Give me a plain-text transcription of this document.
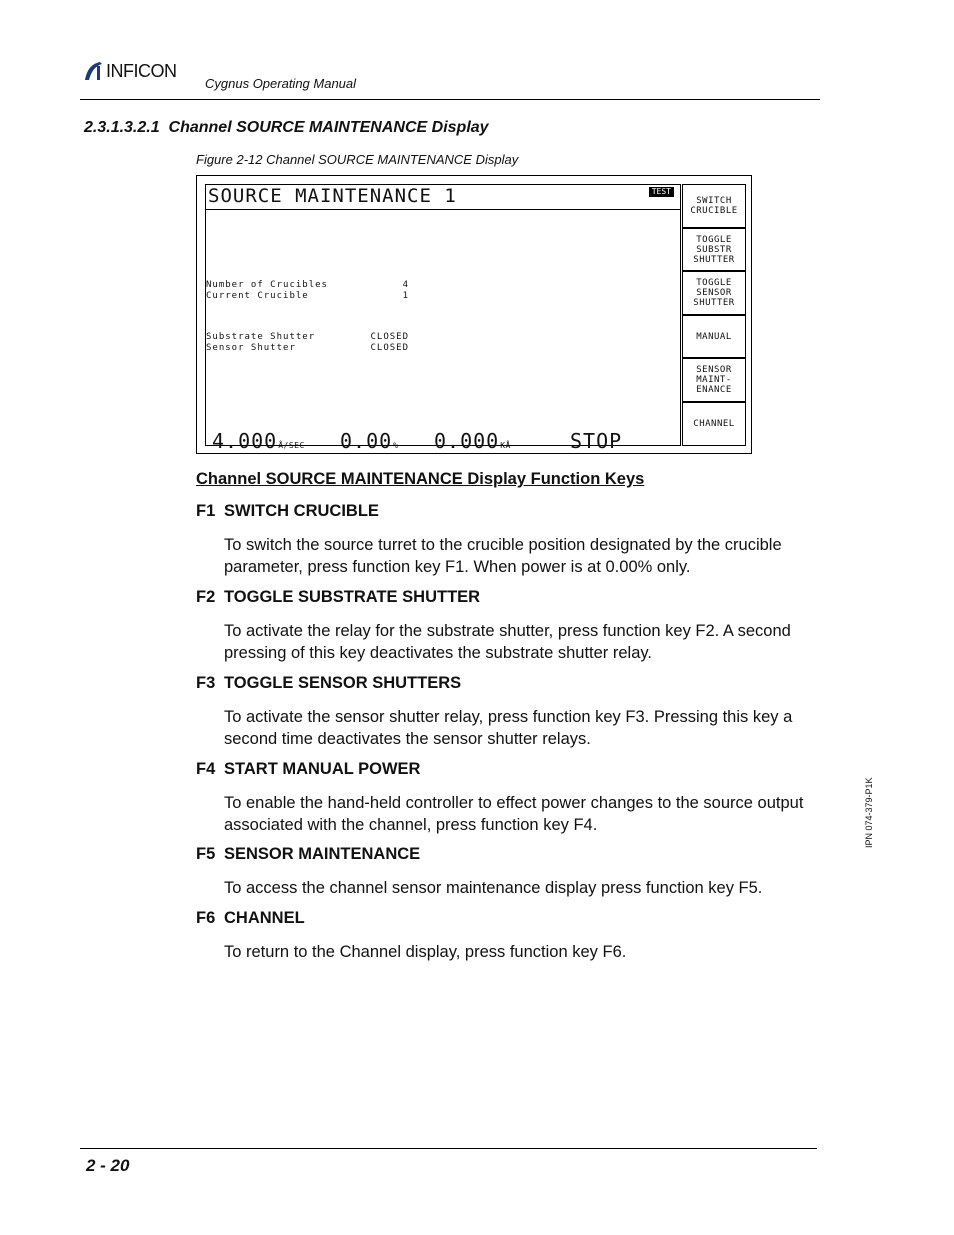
INFICON
Cygnus Operating Manual
2.3.1.3.2.1 Channel SOURCE MAINTENANCE Display
Figure 2-12 Channel SOURCE MAINTENANCE Display
SOURCE MAINTENANCE 1	TEST
Number of Crucibles	4
Current Crucible	1
Substrate Shutter	CLOSED
Sensor Shutter	CLOSED
4.000Å/SEC 0.00% 0.000KÅ	STOP
SWITCH
CRUCIBLE
TOGGLE
SUBSTR
SHUTTER
TOGGLE
SENSOR
SHUTTER
MANUAL
SENSOR
MAINT-
ENANCE
CHANNEL
Channel SOURCE MAINTENANCE Display Function Keys
F1 SWITCH CRUCIBLE
To switch the source turret to the crucible position designated by the crucible parameter, press function key F1. When power is at 0.00% only.
F2 TOGGLE SUBSTRATE SHUTTER
To activate the relay for the substrate shutter, press function key F2. A second pressing of this key deactivates the substrate shutter relay.
F3 TOGGLE SENSOR SHUTTERS
To activate the sensor shutter relay, press function key F3. Pressing this key a second time deactivates the sensor shutter relays.
F4 START MANUAL POWER
To enable the hand-held controller to effect power changes to the source output associated with the channel, press function key F4.
F5 SENSOR MAINTENANCE
To access the channel sensor maintenance display press function key F5.
F6 CHANNEL
To return to the Channel display, press function key F6.
IPN 074-379-P1K
2 - 20
